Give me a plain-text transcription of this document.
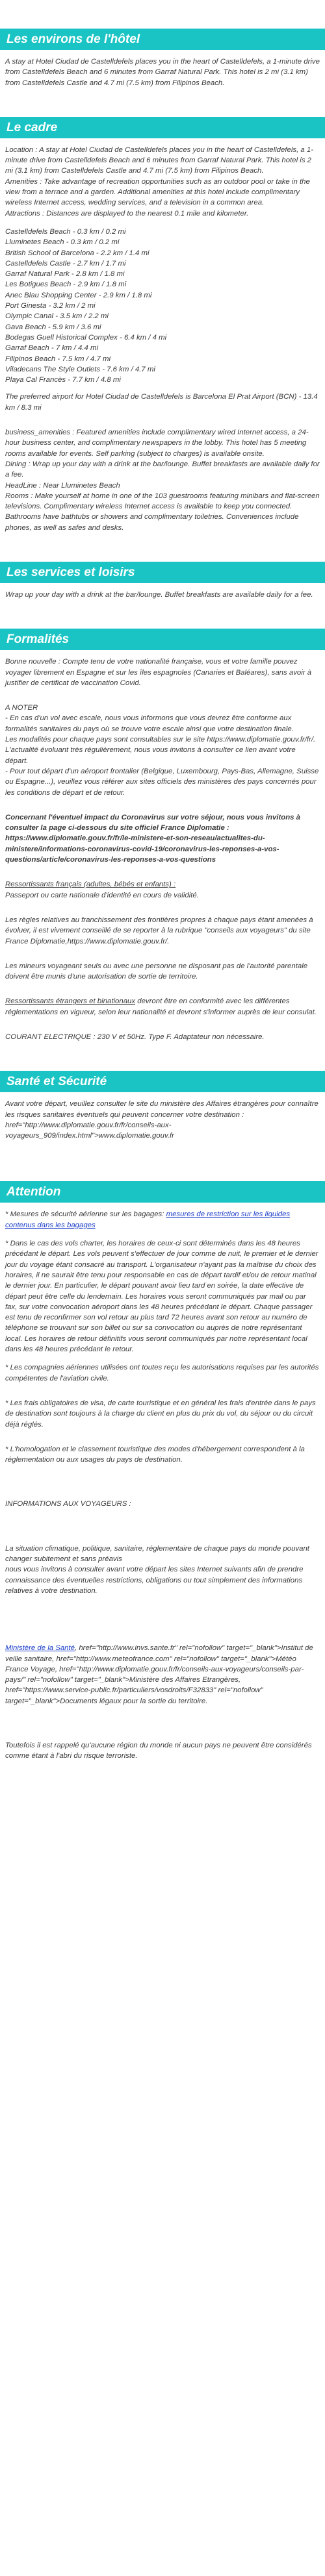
Les environs de l'hôtel

A stay at Hotel Ciudad de Castelldefels places you in the heart of Castelldefels, a 1-minute drive from Castelldefels Beach and 6 minutes from Garraf Natural Park. This hotel is 2 mi (3.1 km) from Castelldefels Castle and 4.7 mi (7.5 km) from Filipinos Beach.

Le cadre

Location : A stay at Hotel Ciudad de Castelldefels places you in the heart of Castelldefels, a 1-minute drive from Castelldefels Beach and 6 minutes from Garraf Natural Park. This hotel is 2 mi (3.1 km) from Castelldefels Castle and 4.7 mi (7.5 km) from Filipinos Beach.

Amenities : Take advantage of recreation opportunities such as an outdoor pool or take in the view from a terrace and a garden. Additional amenities at this hotel include complimentary wireless Internet access, wedding services, and a television in a common area.

Attractions : Distances are displayed to the nearest 0.1 mile and kilometer.

Castelldefels Beach - 0.3 km / 0.2 mi

Lluminetes Beach - 0.3 km / 0.2 mi

British School of Barcelona - 2.2 km / 1.4 mi

Castelldefels Castle - 2.7 km / 1.7 mi

Garraf Natural Park - 2.8 km / 1.8 mi

Les Botigues Beach - 2.9 km / 1.8 mi

Anec Blau Shopping Center - 2.9 km / 1.8 mi

Port Ginesta - 3.2 km / 2 mi

Olympic Canal - 3.5 km / 2.2 mi

Gava Beach - 5.9 km / 3.6 mi

Bodegas Guell Historical Complex - 6.4 km / 4 mi

Garraf Beach - 7 km / 4.4 mi

Filipinos Beach - 7.5 km / 4.7 mi

Viladecans The Style Outlets - 7.6 km / 4.7 mi

Playa Cal Francès - 7.7 km / 4.8 mi

The preferred airport for Hotel Ciudad de Castelldefels is Barcelona El Prat Airport (BCN) - 13.4 km / 8.3 mi

business_amenities : Featured amenities include complimentary wired Internet access, a 24-hour business center, and complimentary newspapers in the lobby. This hotel has 5 meeting rooms available for events. Self parking (subject to charges) is available onsite.

Dining : Wrap up your day with a drink at the bar/lounge. Buffet breakfasts are available daily for a fee.

HeadLine : Near Lluminetes Beach

Rooms : Make yourself at home in one of the 103 guestrooms featuring minibars and flat-screen televisions. Complimentary wireless Internet access is available to keep you connected. Bathrooms have bathtubs or showers and complimentary toiletries. Conveniences include phones, as well as safes and desks.

Les services et loisirs

Wrap up your day with a drink at the bar/lounge. Buffet breakfasts are available daily for a fee.

Formalités

Bonne nouvelle : Compte tenu de votre nationalité française, vous et votre famille pouvez voyager librement en Espagne et sur les îles espagnoles (Canaries et Baléares), sans avoir à justifier de certificat de vaccination Covid.

A NOTER

- En cas d'un vol avec escale, nous vous informons que vous devrez être conforme aux formalités sanitaires du pays où se trouve votre escale ainsi que votre destination finale.

Les modalités pour chaque pays sont consultables sur le site https://www.diplomatie.gouv.fr/fr/. L'actualité évoluant très régulièrement, nous vous invitons à consulter ce lien avant votre départ.

- Pour tout départ d'un aéroport frontalier (Belgique, Luxembourg, Pays-Bas, Allemagne, Suisse ou Espagne...), veuillez vous référer aux sites officiels des ministères des pays concernés pour les conditions de départ et de retour.

Concernant l'éventuel impact du Coronavirus sur votre séjour, nous vous invitons à consulter la page ci-dessous du site officiel France Diplomatie : https://www.diplomatie.gouv.fr/fr/le-ministere-et-son-reseau/actualites-du-ministere/informations-coronavirus-covid-19/coronavirus-les-reponses-a-vos-questions/article/coronavirus-les-reponses-a-vos-questions

Ressortissants français (adultes, bébés et enfants) :

Passeport ou carte nationale d'identité en cours de validité.

Les règles relatives au franchissement des frontières propres à chaque pays étant amenées à évoluer, il est vivement conseillé de se reporter à la rubrique "conseils aux voyageurs" du site France Diplomatie,https://www.diplomatie.gouv.fr/.

Les mineurs voyageant seuls ou avec une personne ne disposant pas de l'autorité parentale doivent être munis d'une autorisation de sortie de territoire.

Ressortissants étrangers et binationaux devront être en conformité avec les différentes réglementations en vigueur, selon leur nationalité et devront s'informer auprès de leur consulat.

COURANT ELECTRIQUE : 230 V et 50Hz. Type F. Adaptateur non nécessaire.

Santé et Sécurité

Avant votre départ, veuillez consulter le site du ministère des Affaires étrangères pour connaître les risques sanitaires éventuels qui peuvent concerner votre destination : href="http://www.diplomatie.gouv.fr/fr/conseils-aux-voyageurs_909/index.html">www.diplomatie.gouv.fr

Attention

* Mesures de sécurité aérienne sur les bagages: mesures de restriction sur les liquides contenus dans les bagages

* Dans le cas des vols charter, les horaires de ceux-ci sont déterminés dans les 48 heures précédant le départ. Les vols peuvent s'effectuer de jour comme de nuit, le premier et le dernier jour du voyage étant consacré au transport. L'organisateur n'ayant pas la maîtrise du choix des horaires, il ne saurait être tenu pour responsable en cas de départ tardif et/ou de retour matinal le dernier jour. En particulier, le départ pouvant avoir lieu tard en soirée, la date effective de départ peut être celle du lendemain. Les horaires vous seront communiqués par mail ou par fax, sur votre convocation aéroport dans les 48 heures précédant le départ. Chaque passager est tenu de reconfirmer son vol retour au plus tard 72 heures avant son retour au numéro de téléphone se trouvant sur son billet ou sur sa convocation ou auprès de notre représentant local. Les horaires de retour définitifs vous seront communiqués par notre représentant local dans les 48 heures précédant le retour.

* Les compagnies aériennes utilisées ont toutes reçu les autorisations requises par les autorités compétentes de l'aviation civile.

* Les frais obligatoires de visa, de carte touristique et en général les frais d'entrée dans le pays de destination sont toujours à la charge du client en plus du prix du vol, du séjour ou du circuit déjà réglés.

* L'homologation et le classement touristique des modes d'hébergement correspondent à la réglementation ou aux usages du pays de destination.

INFORMATIONS AUX VOYAGEURS :

La situation climatique, politique, sanitaire, réglementaire de chaque pays du monde pouvant changer subitement et sans préavis
nous vous invitons à consulter avant votre départ les sites Internet suivants afin de prendre connaissance des éventuelles restrictions, obligations ou tout simplement des informations relatives à votre destination.

Ministère de la Santé, href="http://www.invs.sante.fr" rel="nofollow" target="_blank">Institut de veille sanitaire, href="http://www.meteofrance.com" rel="nofollow" target="_blank">Météo France Voyage, href="http://www.diplomatie.gouv.fr/fr/conseils-aux-voyageurs/conseils-par-pays/" rel="nofollow" target="_blank">Ministère des Affaires Etrangères, href="https://www.service-public.fr/particuliers/vosdroits/F32833" rel="nofollow" target="_blank">Documents légaux pour la sortie du territoire.

Toutefois il est rappelé qu'aucune région du monde ni aucun pays ne peuvent être considérés comme étant à l'abri du risque terroriste.
